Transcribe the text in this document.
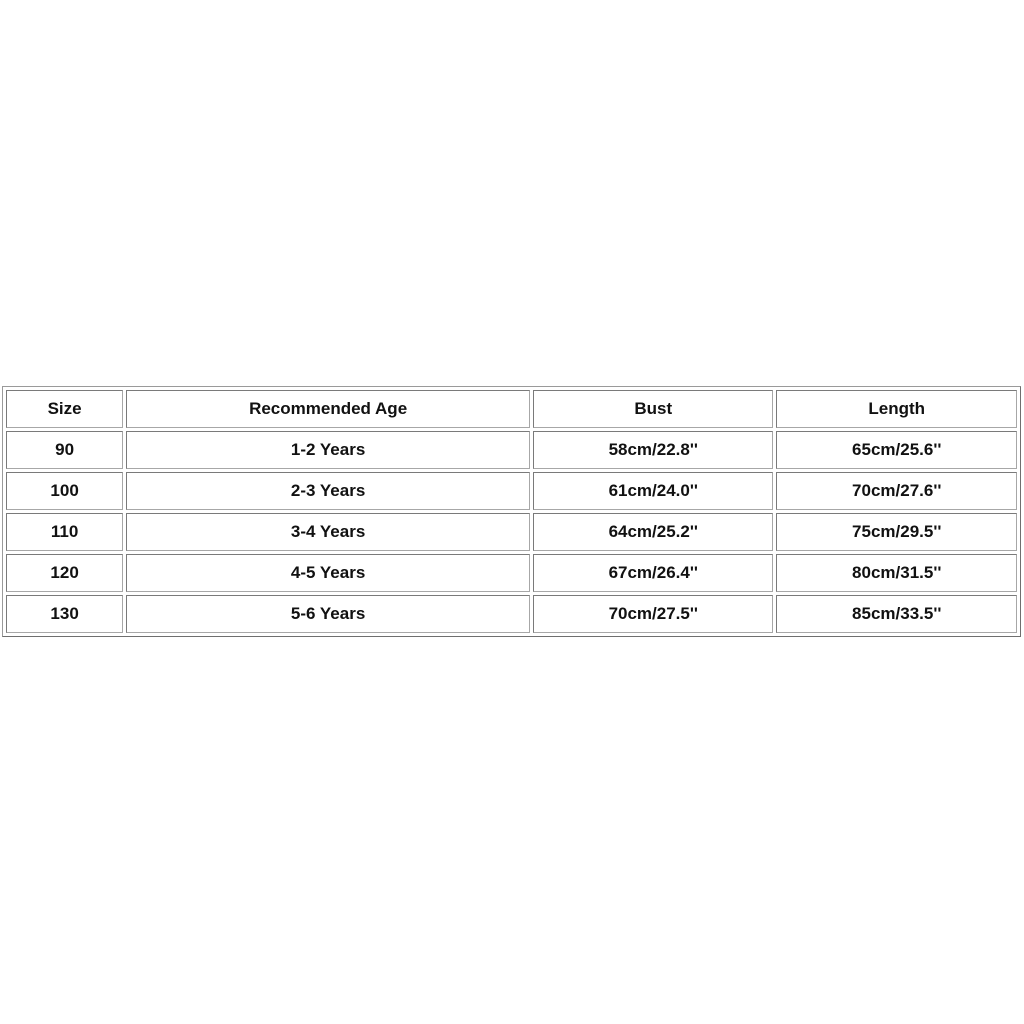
Size	Recommended Age	Bust	Length
90	1-2 Years	58cm/22.8''	65cm/25.6''
100	2-3 Years	61cm/24.0''	70cm/27.6''
110	3-4 Years	64cm/25.2''	75cm/29.5''
120	4-5 Years	67cm/26.4''	80cm/31.5''
130	5-6 Years	70cm/27.5''	85cm/33.5''
